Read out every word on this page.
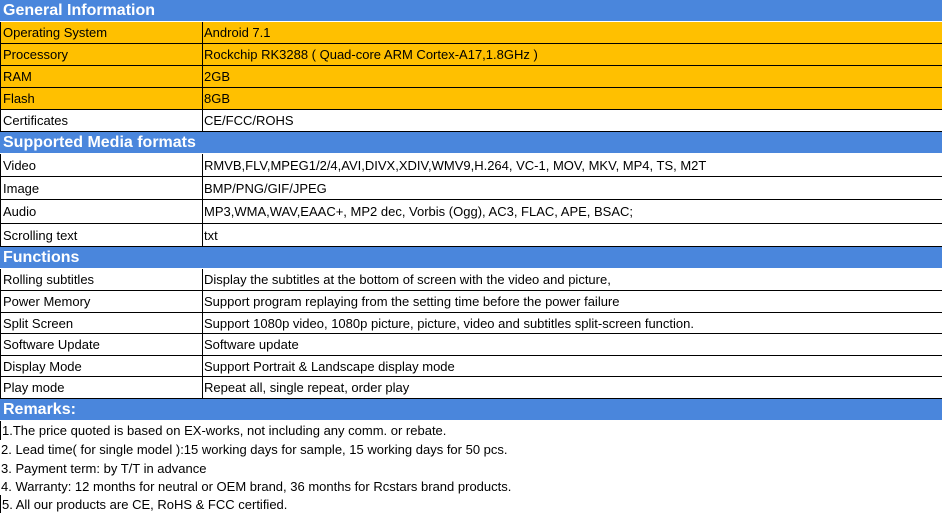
General Information
Operating System	Android 7.1
Processory	Rockchip RK3288 ( Quad-core ARM Cortex-A17,1.8GHz )
RAM	2GB
Flash	8GB
Certificates	CE/FCC/ROHS
Supported Media formats
Video	RMVB,FLV,MPEG1/2/4,AVI,DIVX,XDIV,WMV9,H.264, VC-1, MOV, MKV, MP4, TS, M2T
Image	BMP/PNG/GIF/JPEG
Audio	MP3,WMA,WAV,EAAC+, MP2 dec, Vorbis (Ogg), AC3, FLAC, APE, BSAC;
Scrolling text	txt
Functions
Rolling subtitles	Display the subtitles at the bottom of screen with the video and picture,
Power Memory	Support program replaying from the setting time before the power failure
Split Screen	Support 1080p video, 1080p picture, picture, video and subtitles split-screen function.
Software Update	Software update
Display Mode	Support Portrait & Landscape display mode
Play mode	Repeat all, single repeat, order play
Remarks:
1.The price quoted is based on EX-works, not including any comm. or rebate.
2. Lead time( for single model ):15 working days for sample, 15 working days for 50 pcs.
3. Payment term: by T/T in advance
4. Warranty: 12 months for neutral or OEM brand, 36 months for Rcstars brand products.
5. All our products are CE, RoHS & FCC certified.
